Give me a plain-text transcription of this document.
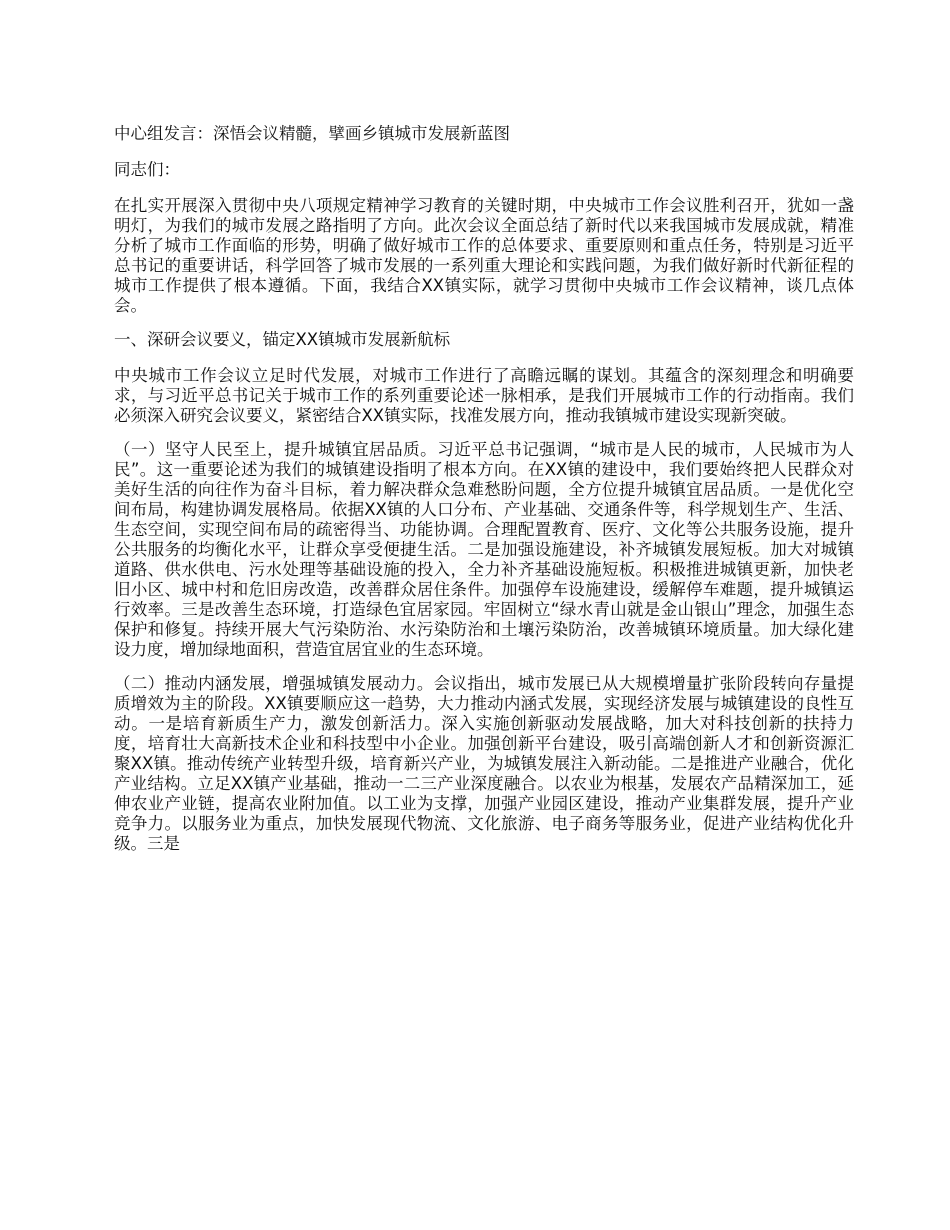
中心组发言：深悟会议精髓，擘画乡镇城市发展新蓝图

同志们：

在扎实开展深入贯彻中央八项规定精神学习教育的关键时期，中央城市工作会议胜利召开，犹如一盏明灯，为我们的城市发展之路指明了方向。此次会议全面总结了新时代以来我国城市发展成就，精准分析了城市工作面临的形势，明确了做好城市工作的总体要求、重要原则和重点任务，特别是习近平总书记的重要讲话，科学回答了城市发展的一系列重大理论和实践问题，为我们做好新时代新征程的城市工作提供了根本遵循。下面，我结合XX镇实际，就学习贯彻中央城市工作会议精神，谈几点体会。

一、深研会议要义，锚定XX镇城市发展新航标

中央城市工作会议立足时代发展，对城市工作进行了高瞻远瞩的谋划。其蕴含的深刻理念和明确要求，与习近平总书记关于城市工作的系列重要论述一脉相承，是我们开展城市工作的行动指南。我们必须深入研究会议要义，紧密结合XX镇实际，找准发展方向，推动我镇城市建设实现新突破。

（一）坚守人民至上，提升城镇宜居品质。习近平总书记强调，“城市是人民的城市，人民城市为人民”。这一重要论述为我们的城镇建设指明了根本方向。在XX镇的建设中，我们要始终把人民群众对美好生活的向往作为奋斗目标，着力解决群众急难愁盼问题，全方位提升城镇宜居品质。一是优化空间布局，构建协调发展格局。依据XX镇的人口分布、产业基础、交通条件等，科学规划生产、生活、生态空间，实现空间布局的疏密得当、功能协调。合理配置教育、医疗、文化等公共服务设施，提升公共服务的均衡化水平，让群众享受便捷生活。二是加强设施建设，补齐城镇发展短板。加大对城镇道路、供水供电、污水处理等基础设施的投入，全力补齐基础设施短板。积极推进城镇更新，加快老旧小区、城中村和危旧房改造，改善群众居住条件。加强停车设施建设，缓解停车难题，提升城镇运行效率。三是改善生态环境，打造绿色宜居家园。牢固树立“绿水青山就是金山银山”理念，加强生态保护和修复。持续开展大气污染防治、水污染防治和土壤污染防治，改善城镇环境质量。加大绿化建设力度，增加绿地面积，营造宜居宜业的生态环境。

（二）推动内涵发展，增强城镇发展动力。会议指出，城市发展已从大规模增量扩张阶段转向存量提质增效为主的阶段。XX镇要顺应这一趋势，大力推动内涵式发展，实现经济发展与城镇建设的良性互动。一是培育新质生产力，激发创新活力。深入实施创新驱动发展战略，加大对科技创新的扶持力度，培育壮大高新技术企业和科技型中小企业。加强创新平台建设，吸引高端创新人才和创新资源汇聚XX镇。推动传统产业转型升级，培育新兴产业，为城镇发展注入新动能。二是推进产业融合，优化产业结构。立足XX镇产业基础，推动一二三产业深度融合。以农业为根基，发展农产品精深加工，延伸农业产业链，提高农业附加值。以工业为支撑，加强产业园区建设，推动产业集群发展，提升产业竞争力。以服务业为重点，加快发展现代物流、文化旅游、电子商务等服务业，促进产业结构优化升级。三是
